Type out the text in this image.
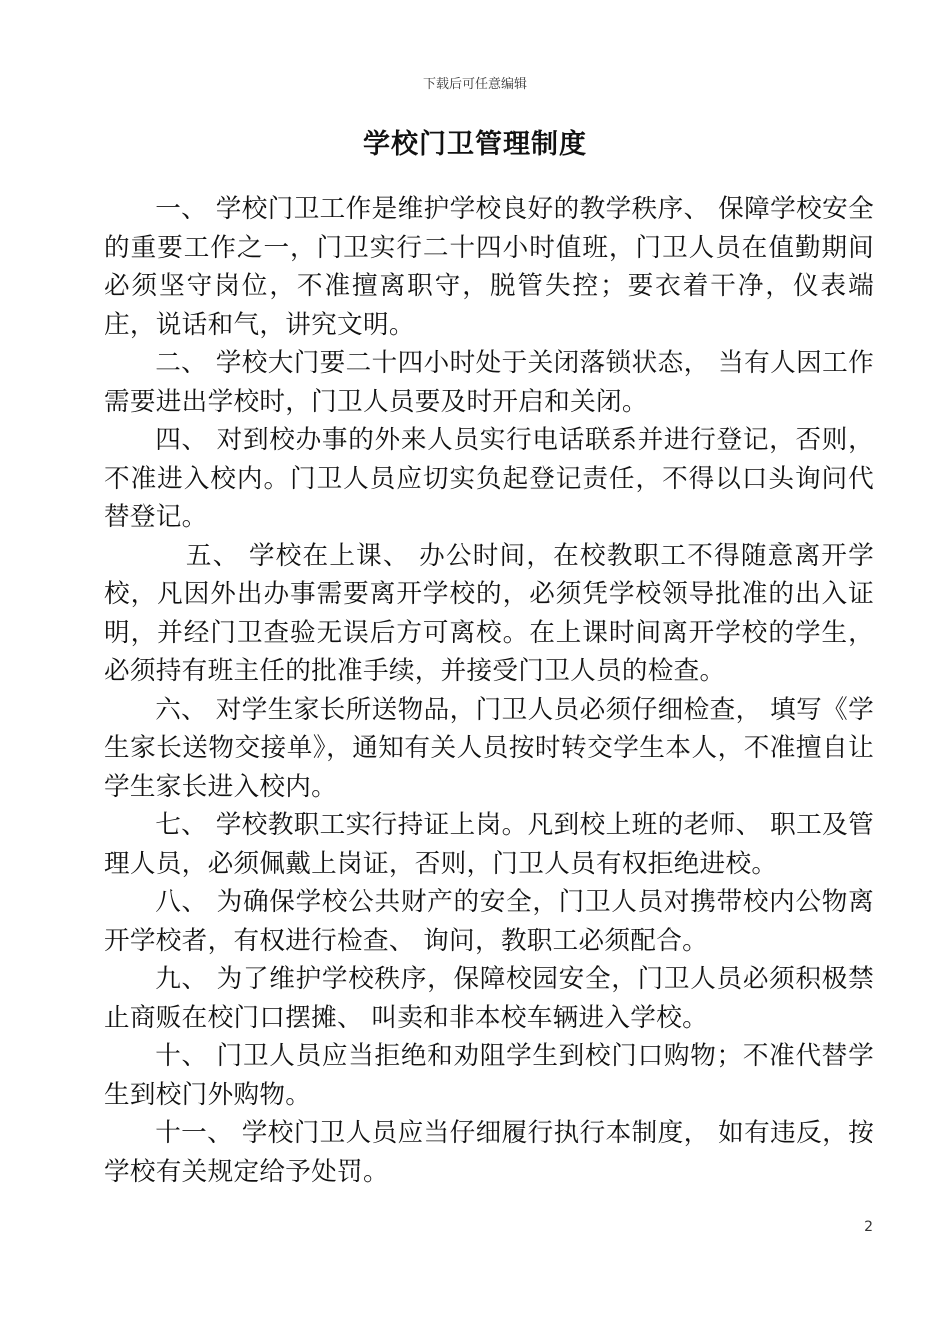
下载后可任意编辑
学校门卫管理制度

一、 学校门卫工作是维护学校良好的教学秩序、 保障学校安全的重要工作之一，门卫实行二十四小时值班，门卫人员在值勤期间必须坚守岗位，不准擅离职守，脱管失控；要衣着干净，仪表端庄，说话和气，讲究文明。

二、 学校大门要二十四小时处于关闭落锁状态， 当有人因工作需要进出学校时，门卫人员要及时开启和关闭。

四、 对到校办事的外来人员实行电话联系并进行登记，否则，不准进入校内。门卫人员应切实负起登记责任，不得以口头询问代替登记。

五、 学校在上课、 办公时间，在校教职工不得随意离开学校，凡因外出办事需要离开学校的，必须凭学校领导批准的出入证明，并经门卫查验无误后方可离校。在上课时间离开学校的学生，必须持有班主任的批准手续，并接受门卫人员的检查。

六、 对学生家长所送物品，门卫人员必须仔细检查， 填写《学生家长送物交接单》，通知有关人员按时转交学生本人，不准擅自让学生家长进入校内。

七、 学校教职工实行持证上岗。凡到校上班的老师、 职工及管理人员，必须佩戴上岗证，否则，门卫人员有权拒绝进校。

八、 为确保学校公共财产的安全，门卫人员对携带校内公物离开学校者，有权进行检查、 询问，教职工必须配合。

九、 为了维护学校秩序，保障校园安全，门卫人员必须积极禁止商贩在校门口摆摊、 叫卖和非本校车辆进入学校。

十、 门卫人员应当拒绝和劝阻学生到校门口购物；不准代替学生到校门外购物。

十一、 学校门卫人员应当仔细履行执行本制度， 如有违反，按学校有关规定给予处罚。

2
